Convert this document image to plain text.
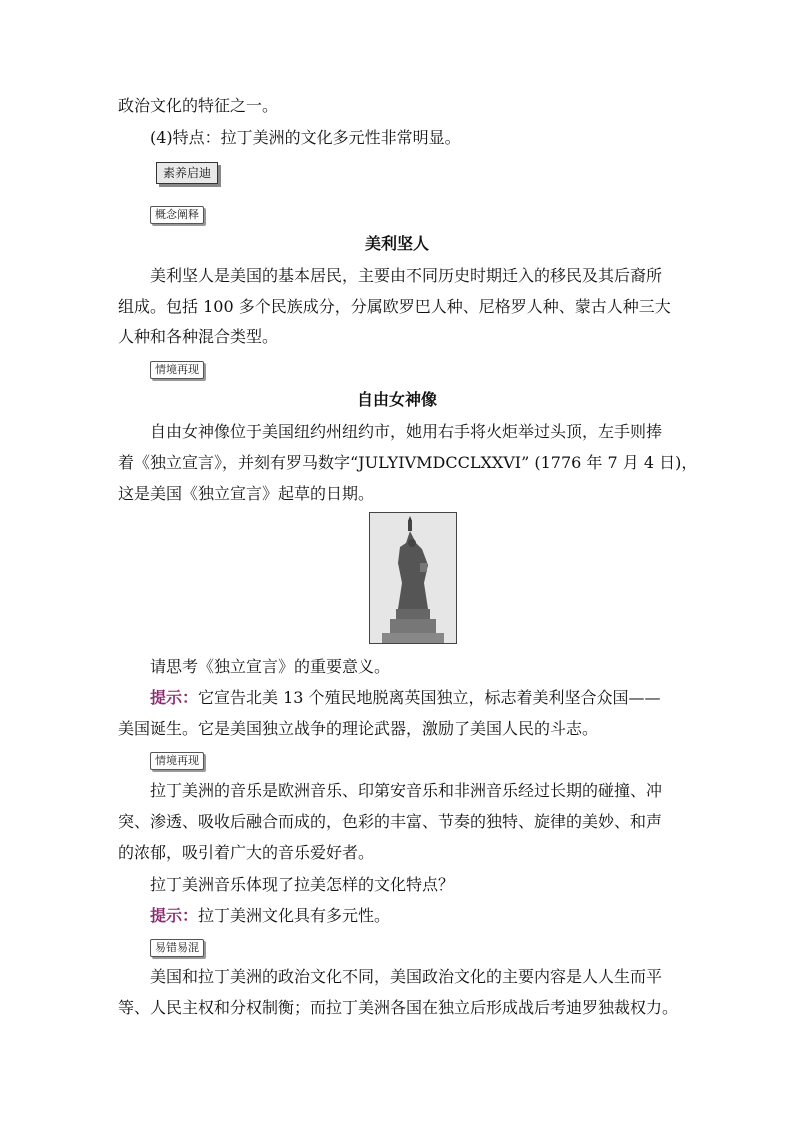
政治文化的特征之一。
(4)特点：拉丁美洲的文化多元性非常明显。
素养启迪
概念阐释
美利坚人
美利坚人是美国的基本居民，主要由不同历史时期迁入的移民及其后裔所
组成。包括 100 多个民族成分，分属欧罗巴人种、尼格罗人种、蒙古人种三大
人种和各种混合类型。
情境再现
自由女神像
自由女神像位于美国纽约州纽约市，她用右手将火炬举过头顶，左手则捧
着《独立宣言》，并刻有罗马数字“JULYIVMDCCLXXVI” (1776 年 7 月 4 日)，
这是美国《独立宣言》起草的日期。
请思考《独立宣言》的重要意义。
提示：它宣告北美 13 个殖民地脱离英国独立，标志着美利坚合众国——
美国诞生。它是美国独立战争的理论武器，激励了美国人民的斗志。
情境再现
拉丁美洲的音乐是欧洲音乐、印第安音乐和非洲音乐经过长期的碰撞、冲
突、渗透、吸收后融合而成的，色彩的丰富、节奏的独特、旋律的美妙、和声
的浓郁，吸引着广大的音乐爱好者。
拉丁美洲音乐体现了拉美怎样的文化特点？
提示：拉丁美洲文化具有多元性。
易错易混
美国和拉丁美洲的政治文化不同，美国政治文化的主要内容是人人生而平
等、人民主权和分权制衡；而拉丁美洲各国在独立后形成战后考迪罗独裁权力。
